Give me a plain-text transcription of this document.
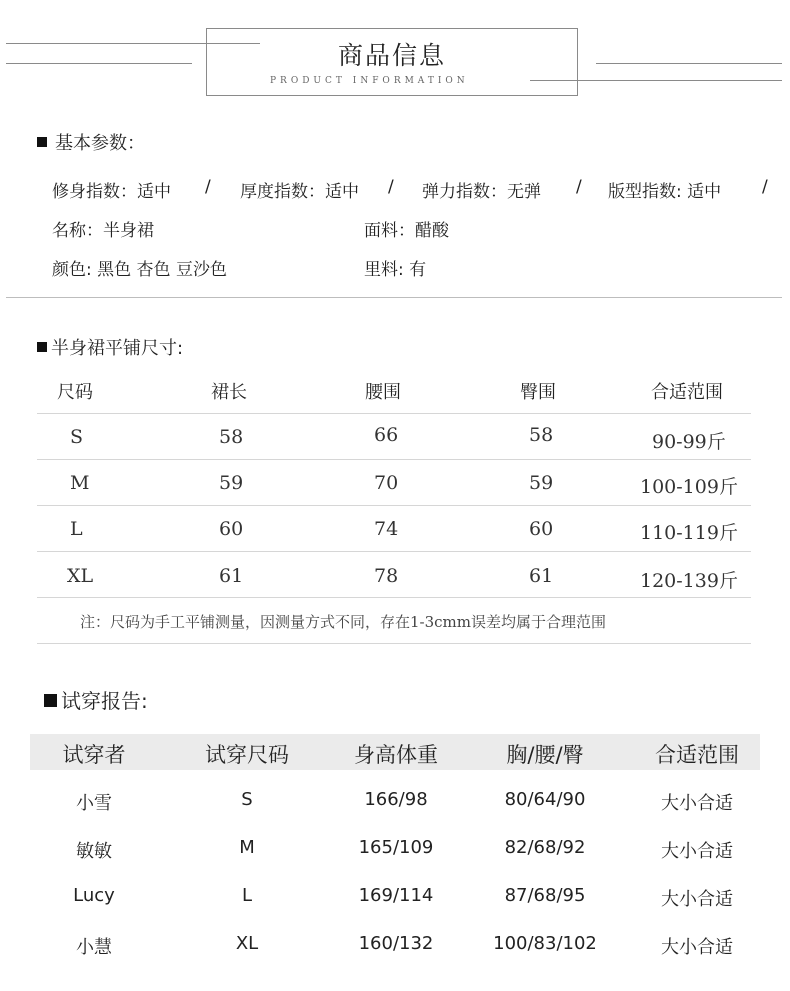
商品信息
PRODUCT INFORMATION
基本参数：
修身指数：适中 / 厚度指数：适中 / 弹力指数：无弹 / 版型指数: 适中 /
名称：半身裙	面料：醋酸
颜色: 黑色 杏色 豆沙色	里料: 有
半身裙平铺尺寸:
尺码	裙长	腰围	臀围	合适范围
S	58	66	58	90-99斤
M	59	70	59	100-109斤
L	60	74	60	110-119斤
XL	61	78	61	120-139斤
注：尺码为手工平铺测量，因测量方式不同，存在1-3cmm误差均属于合理范围
试穿报告:
试穿者	试穿尺码	身高体重	胸/腰/臀	合适范围
小雪	S	166/98	80/64/90	大小合适
敏敏	M	165/109	82/68/92	大小合适
Lucy	L	169/114	87/68/95	大小合适
小慧	XL	160/132	100/83/102	大小合适
